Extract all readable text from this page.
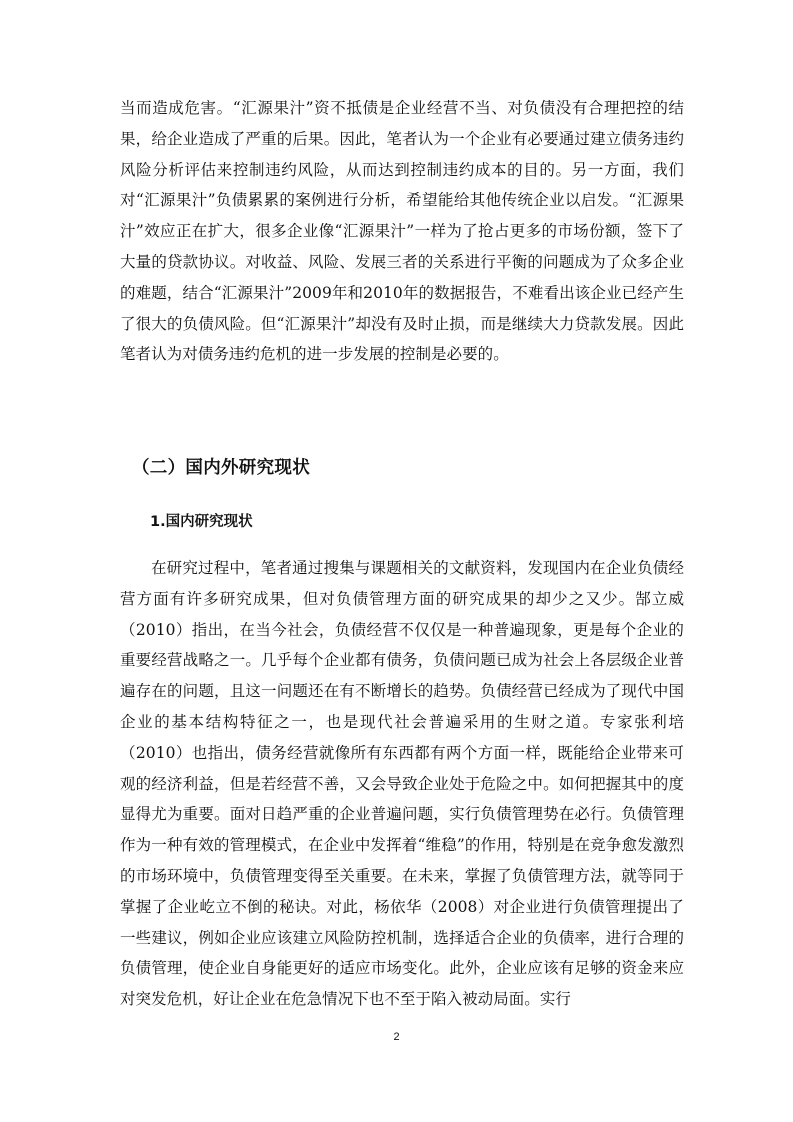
当而造成危害。“汇源果汁”资不抵债是企业经营不当、对负债没有合理把控的结果，给企业造成了严重的后果。因此，笔者认为一个企业有必要通过建立债务违约风险分析评估来控制违约风险，从而达到控制违约成本的目的。另一方面，我们对“汇源果汁”负债累累的案例进行分析，希望能给其他传统企业以启发。“汇源果汁”效应正在扩大，很多企业像“汇源果汁”一样为了抢占更多的市场份额，签下了大量的贷款协议。对收益、风险、发展三者的关系进行平衡的问题成为了众多企业的难题，结合“汇源果汁”2009年和2010年的数据报告，不难看出该企业已经产生了很大的负债风险。但“汇源果汁”却没有及时止损，而是继续大力贷款发展。因此笔者认为对债务违约危机的进一步发展的控制是必要的。

（二）国内外研究现状
1.国内研究现状

在研究过程中，笔者通过搜集与课题相关的文献资料，发现国内在企业负债经营方面有许多研究成果，但对负债管理方面的研究成果的却少之又少。郜立威（2010）指出，在当今社会，负债经营不仅仅是一种普遍现象，更是每个企业的重要经营战略之一。几乎每个企业都有债务，负债问题已成为社会上各层级企业普遍存在的问题，且这一问题还在有不断增长的趋势。负债经营已经成为了现代中国企业的基本结构特征之一，也是现代社会普遍采用的生财之道。专家张利培（2010）也指出，债务经营就像所有东西都有两个方面一样，既能给企业带来可观的经济利益，但是若经营不善，又会导致企业处于危险之中。如何把握其中的度显得尤为重要。面对日趋严重的企业普遍问题，实行负债管理势在必行。负债管理作为一种有效的管理模式，在企业中发挥着“维稳”的作用，特别是在竞争愈发激烈的市场环境中，负债管理变得至关重要。在未来，掌握了负债管理方法，就等同于掌握了企业屹立不倒的秘诀。对此，杨依华（2008）对企业进行负债管理提出了一些建议，例如企业应该建立风险防控机制，选择适合企业的负债率，进行合理的负债管理，使企业自身能更好的适应市场变化。此外，企业应该有足够的资金来应对突发危机，好让企业在危急情况下也不至于陷入被动局面。实行

2
